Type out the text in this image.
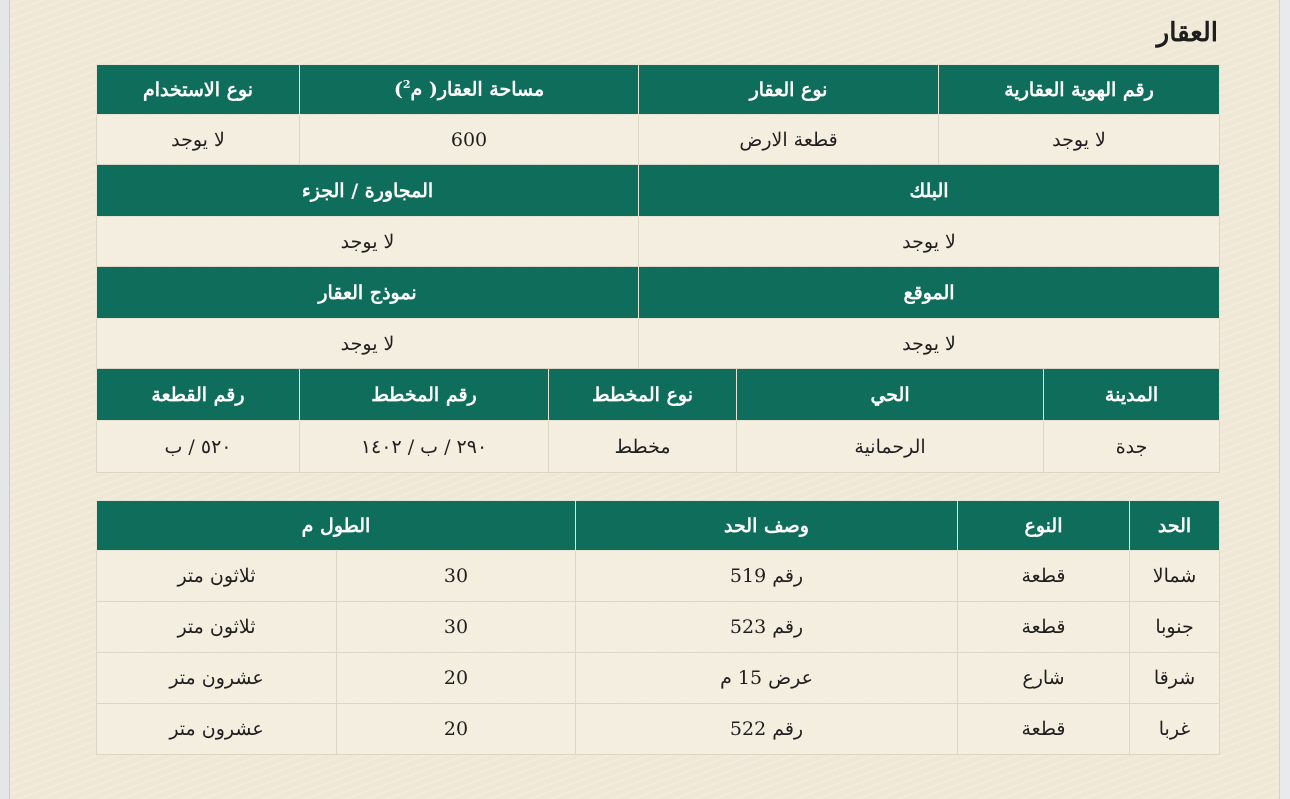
العقار
رقم الهوية العقارية		نوع العقار		مساحة العقار( م$^2$)		نوع الاستخدام
لا يوجد		قطعة الارض		600		لا يوجد
البلك				المجاورة / الجزء		
لا يوجد				لا يوجد		
الموقع				نموذج العقار		
لا يوجد				لا يوجد		
المدينة	الحي		نوع المخطط		رقم المخطط	رقم القطعة
جدة	الرحمانية		مخطط		٢٩٠ / ب / ١٤٠٢	٥٢٠ / ب
الحد	النوع	وصف الحد	الطول م	
شمالا	قطعة	رقم 519	30	ثلاثون متر
جنوبا	قطعة	رقم 523	30	ثلاثون متر
شرقا	شارع	عرض 15 م	20	عشرون متر
غربا	قطعة	رقم 522	20	عشرون متر
